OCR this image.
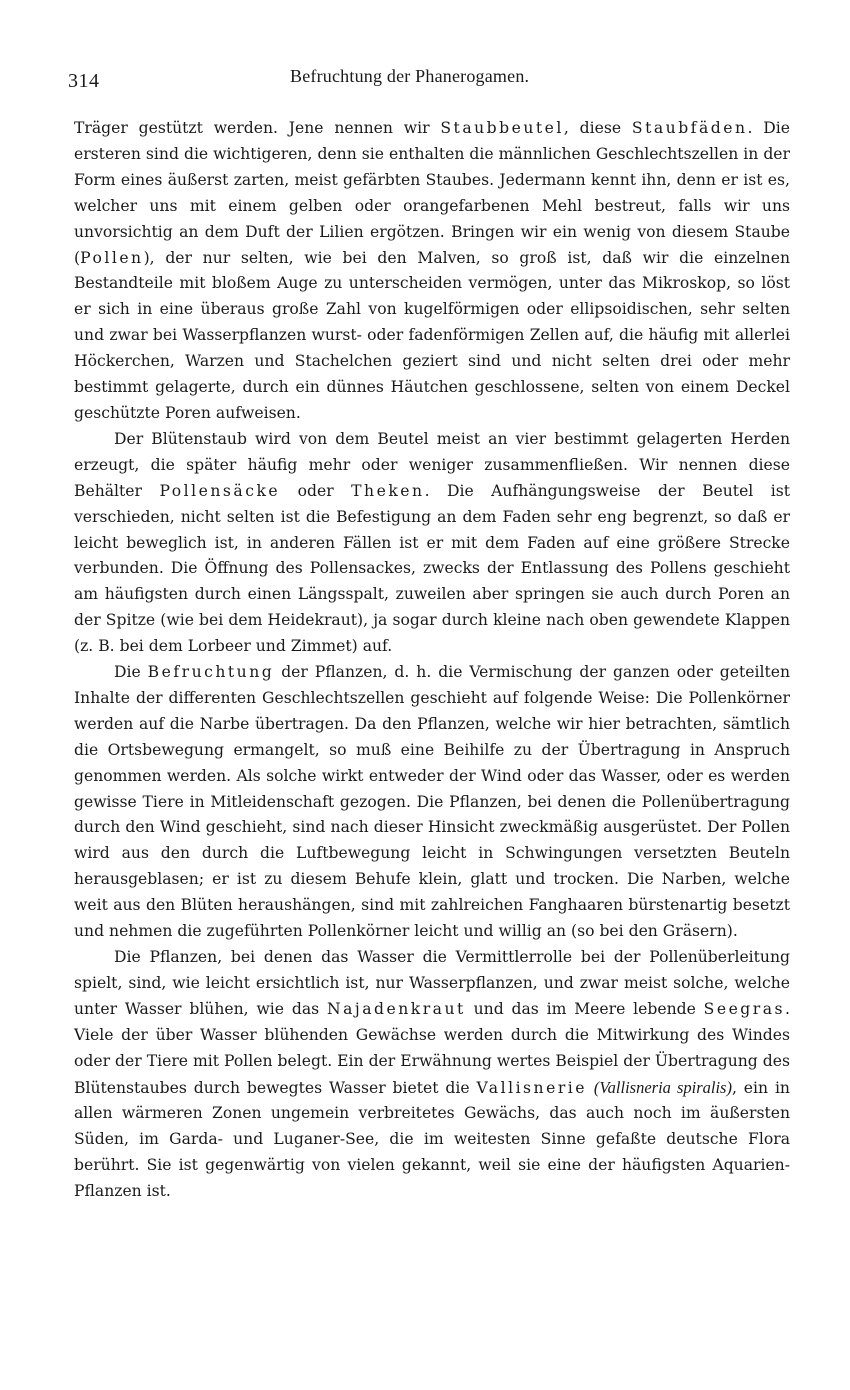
314	Befruchtung der Phanerogamen.

Träger gestützt werden. Jene nennen wir Staubbeutel, diese Staubfäden. Die ersteren sind die wichtigeren, denn sie enthalten die männlichen Geschlechtszellen in der Form eines äußerst zarten, meist gefärbten Staubes. Jedermann kennt ihn, denn er ist es, welcher uns mit einem gelben oder orangefarbenen Mehl bestreut, falls wir uns unvorsichtig an dem Duft der Lilien ergötzen. Bringen wir ein wenig von diesem Staube (Pollen), der nur selten, wie bei den Malven, so groß ist, daß wir die einzelnen Bestandteile mit bloßem Auge zu unterscheiden vermögen, unter das Mikroskop, so löst er sich in eine überaus große Zahl von kugelförmigen oder ellipsoidischen, sehr selten und zwar bei Wasserpflanzen wurst- oder fadenförmigen Zellen auf, die häufig mit allerlei Höckerchen, Warzen und Stachelchen geziert sind und nicht selten drei oder mehr bestimmt gelagerte, durch ein dünnes Häutchen geschlossene, selten von einem Deckel geschützte Poren aufweisen.

Der Blütenstaub wird von dem Beutel meist an vier bestimmt gelagerten Herden erzeugt, die später häufig mehr oder weniger zusammenfließen. Wir nennen diese Behälter Pollensäcke oder Theken. Die Aufhängungsweise der Beutel ist verschieden, nicht selten ist die Befestigung an dem Faden sehr eng begrenzt, so daß er leicht beweglich ist, in anderen Fällen ist er mit dem Faden auf eine größere Strecke verbunden. Die Öffnung des Pollensackes, zwecks der Entlassung des Pollens geschieht am häufigsten durch einen Längsspalt, zuweilen aber springen sie auch durch Poren an der Spitze (wie bei dem Heidekraut), ja sogar durch kleine nach oben gewendete Klappen (z. B. bei dem Lorbeer und Zimmet) auf.

Die Befruchtung der Pflanzen, d. h. die Vermischung der ganzen oder geteilten Inhalte der differenten Geschlechtszellen geschieht auf folgende Weise: Die Pollenkörner werden auf die Narbe übertragen. Da den Pflanzen, welche wir hier betrachten, sämtlich die Ortsbewegung ermangelt, so muß eine Beihilfe zu der Übertragung in Anspruch genommen werden. Als solche wirkt entweder der Wind oder das Wasser, oder es werden gewisse Tiere in Mitleidenschaft gezogen. Die Pflanzen, bei denen die Pollenübertragung durch den Wind geschieht, sind nach dieser Hinsicht zweckmäßig ausgerüstet. Der Pollen wird aus den durch die Luftbewegung leicht in Schwingungen versetzten Beuteln herausgeblasen; er ist zu diesem Behufe klein, glatt und trocken. Die Narben, welche weit aus den Blüten heraushängen, sind mit zahlreichen Fanghaaren bürstenartig besetzt und nehmen die zugeführten Pollenkörner leicht und willig an (so bei den Gräsern).

Die Pflanzen, bei denen das Wasser die Vermittlerrolle bei der Pollenüberleitung spielt, sind, wie leicht ersichtlich ist, nur Wasserpflanzen, und zwar meist solche, welche unter Wasser blühen, wie das Najadenkraut und das im Meere lebende Seegras. Viele der über Wasser blühenden Gewächse werden durch die Mitwirkung des Windes oder der Tiere mit Pollen belegt. Ein der Erwähnung wertes Beispiel der Übertragung des Blütenstaubes durch bewegtes Wasser bietet die Vallisnerie (Vallisneria spiralis), ein in allen wärmeren Zonen ungemein verbreitetes Gewächs, das auch noch im äußersten Süden, im Garda- und Luganer-See, die im weitesten Sinne gefaßte deutsche Flora berührt. Sie ist gegenwärtig von vielen gekannt, weil sie eine der häufigsten Aquarien-Pflanzen ist.
